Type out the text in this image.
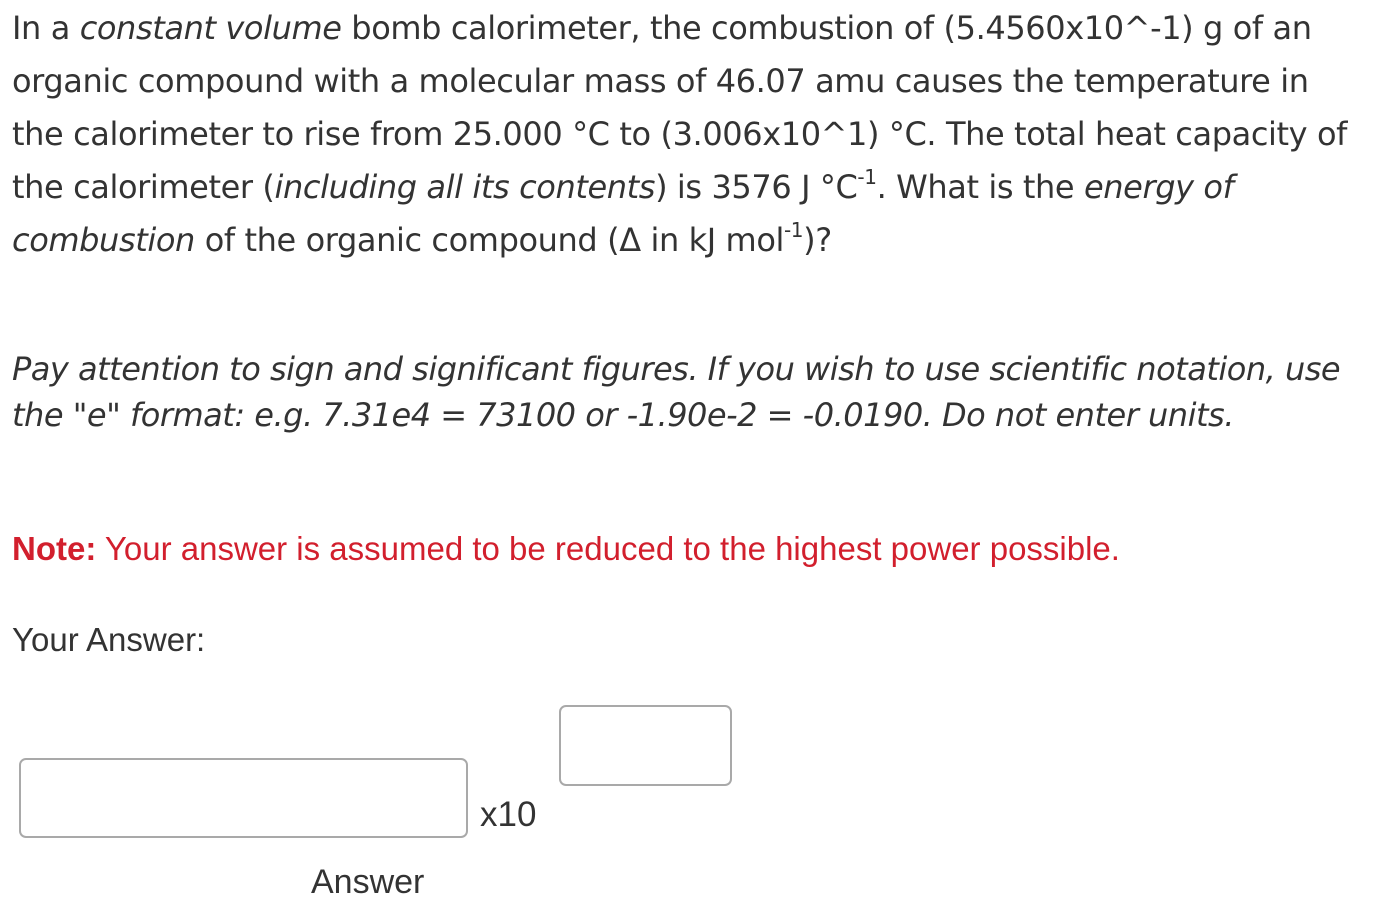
In a constant volume bomb calorimeter, the combustion of (5.4560x10^-1) g of an organic compound with a molecular mass of 46.07 amu causes the temperature in the calorimeter to rise from 25.000 °C to (3.006x10^1) °C. The total heat capacity of the calorimeter (including all its contents) is 3576 J $^\circ C^{-1}$. What is the energy of combustion of the organic compound (Δ in kJ mol$^{-1}$)?
Pay attention to sign and significant figures. If you wish to use scientific notation, use the "e" format: e.g. 7.31e4 = 73100 or -1.90e-2 = -0.0190. Do not enter units.
Note: Your answer is assumed to be reduced to the highest power possible.
Your Answer:
x10
Answer
